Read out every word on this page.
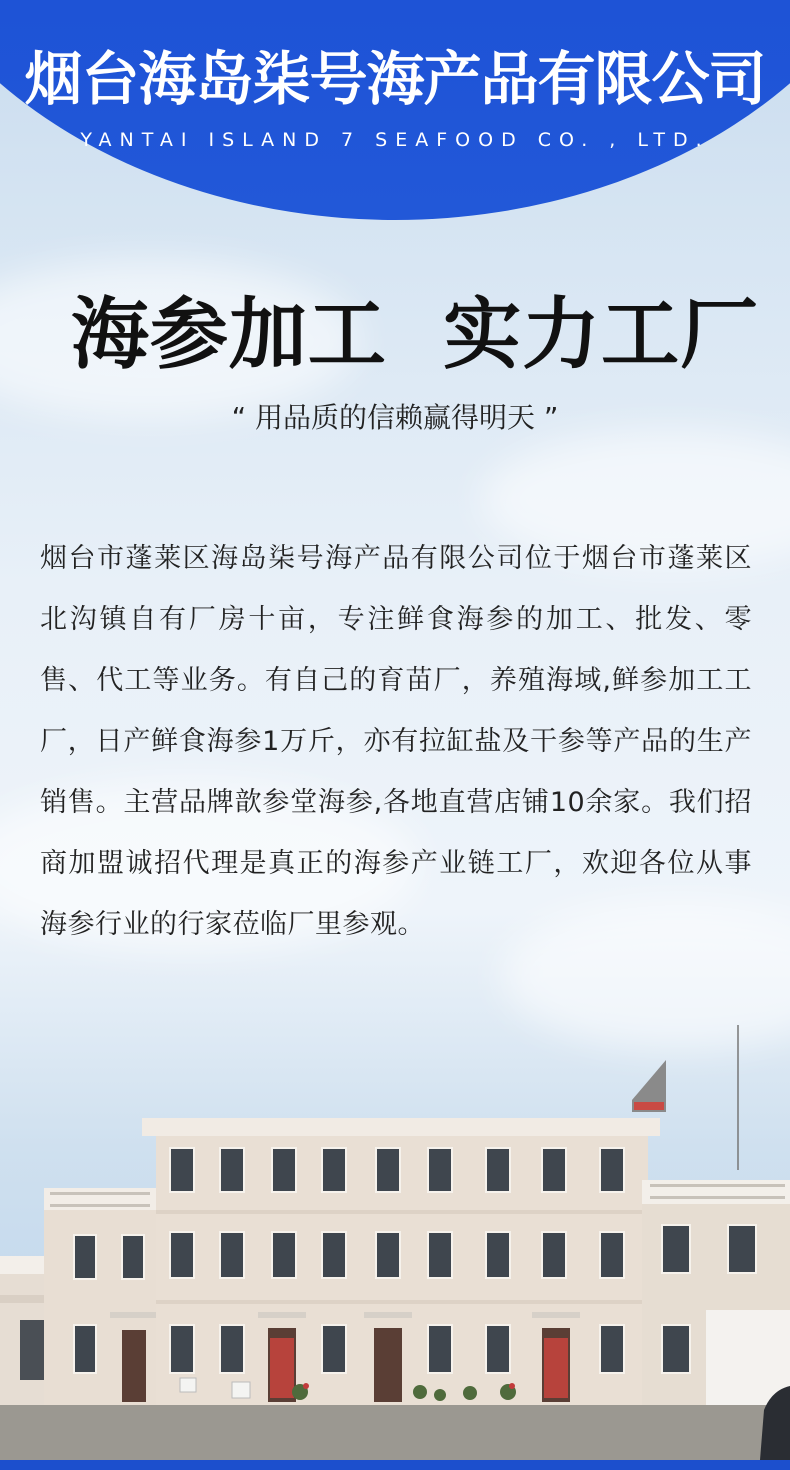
烟台海岛柒号海产品有限公司
YANTAI ISLAND 7 SEAFOOD CO. , LTD.
海参加工  实力工厂
“ 用品质的信赖赢得明天 ”

烟台市蓬莱区海岛柒号海产品有限公司位于烟台市蓬莱区北沟镇自有厂房十亩，专注鲜食海参的加工、批发、零售、代工等业务。有自己的育苗厂，养殖海域,鲜参加工工厂，日产鲜食海参1万斤，亦有拉缸盐及干参等产品的生产销售。主营品牌歆参堂海参,各地直营店铺10余家。我们招商加盟诚招代理是真正的海参产业链工厂，欢迎各位从事海参行业的行家莅临厂里参观。
